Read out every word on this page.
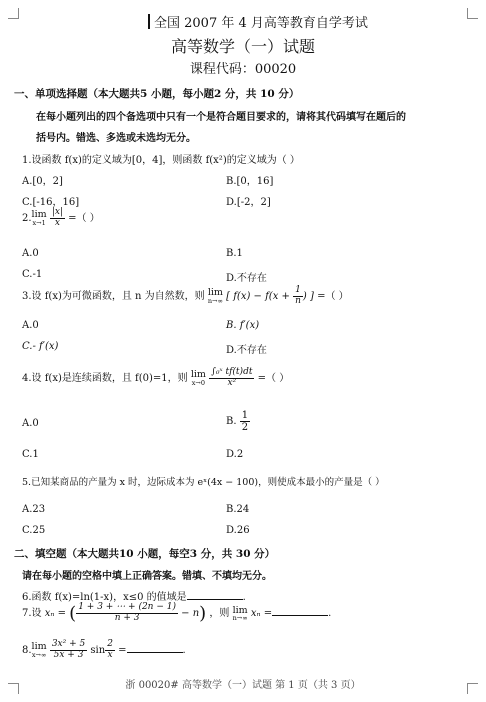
全国 2007 年 4 月高等教育自学考试
高等数学（一）试题
课程代码：00020
一、单项选择题（本大题共5 小题，每小题2 分，共 10 分）
在每小题列出的四个备选项中只有一个是符合题目要求的，请将其代码填写在题后的
括号内。错选、多选或未选均无分。
1.设函数 f(x)的定义域为[0，4]，则函数 f(x²)的定义域为（ ）
A.[0，2]	B.[0，16]
C.[-16，16]	D.[-2，2]
2.lim
x→1
$\frac{|x|}{x}$ =（ ）
A.0	B.1
C.-1	D.不存在
3.设 f(x)为可微函数，且 n 为自然数，则 lim
n→∞ [ $f(x) - f(x + \frac{1}{n}$ ) ] =（ ）
A.0	B. f′(x)
C.- f′(x)	D.不存在
4.设 f(x)是连续函数，且 f(0)=1，则 lim
x→0
$\frac{\text{∫₀ˣ tf(t)dt}}{\text{x²}}$ =（ ）
A.0	B. $\frac{1}{2}$
C.1	D.2
5.已知某商品的产量为 x 时，边际成本为 eˣ(4x − 100)，则使成本最小的产量是（ ）
A.23	B.24
C.25	D.26
二、填空题（本大题共10 小题，每空3 分，共 30 分）
请在每小题的空格中填上正确答案。错填、不填均无分。
6.函数 f(x)=ln(1-x)，x≤0 的值域是	.
7.设 xₙ = ( $\frac{1 + 3 + \cdots + (2n - 1)}{n + 3} - n$) ，则 lim
n→∞ xₙ =	.
8.lim
x→∞
$\frac{\text{3x² + 5}}{5x + 3}$ $\sin \frac{2}{x}$ =	.
浙 00020# 高等数学（一）试题 第 1 页（共 3 页）
